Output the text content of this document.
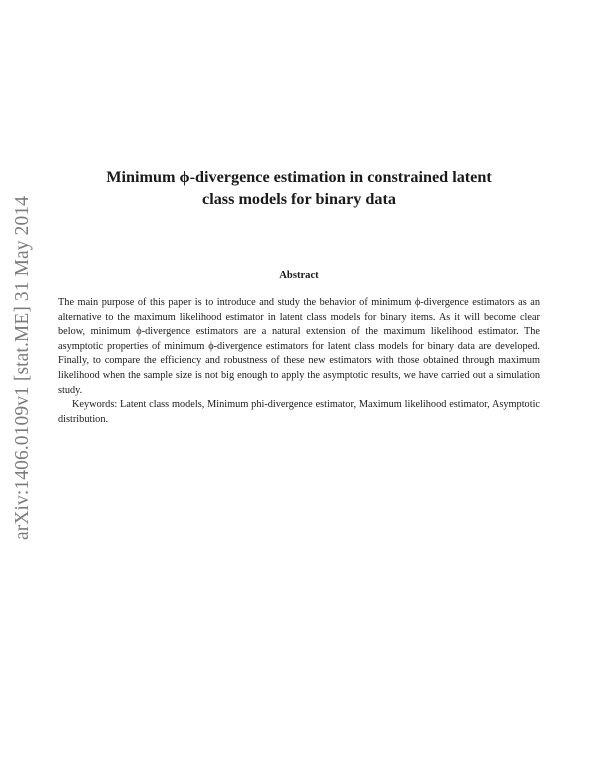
arXiv:1406.0109v1 [stat.ME] 31 May 2014
Minimum ϕ-divergence estimation in constrained latent
class models for binary data
Abstract

The main purpose of this paper is to introduce and study the behavior of minimum ϕ-divergence estimators as an alternative to the maximum likelihood estimator in latent class models for binary items. As it will become clear below, minimum ϕ-divergence estimators are a natural extension of the maximum likelihood estimator. The asymptotic properties of minimum ϕ-divergence estimators for latent class models for binary data are developed. Finally, to compare the efficiency and robustness of these new estimators with those obtained through maximum likelihood when the sample size is not big enough to apply the asymptotic results, we have carried out a simulation study.

Keywords: Latent class models, Minimum phi-divergence estimator, Maximum likelihood estimator, Asymptotic distribution.
